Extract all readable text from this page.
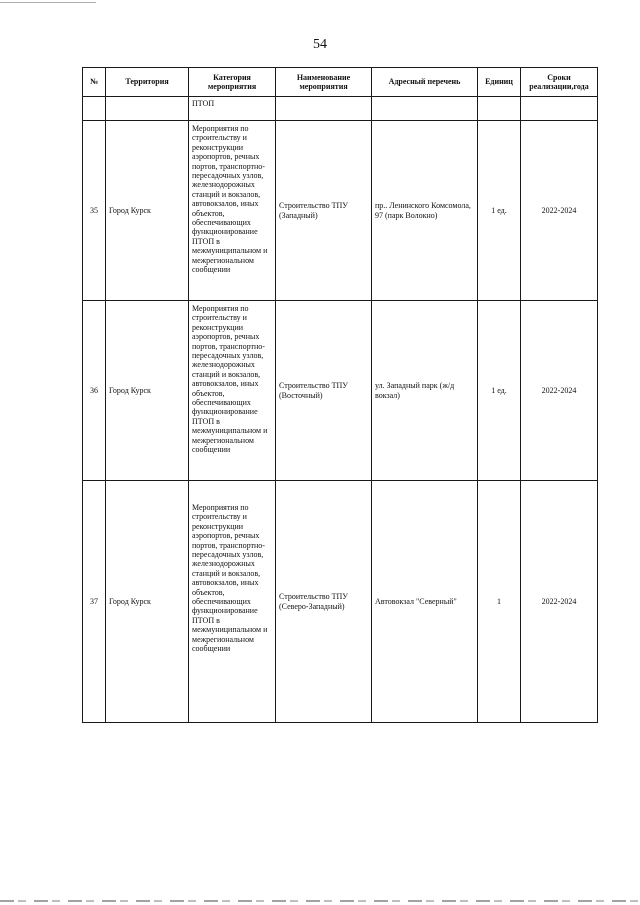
54
№	Территория	Категория мероприятия	Наименование мероприятия	Адресный перечень	Единиц	Сроки реализации,года
		ПТОП				
35	Город Курск	Мероприятия по строительству и реконструкции аэропортов, речных портов, транспортно-пересадочных узлов, железнодорожных станций и вокзалов, автовокзалов, иных объектов, обеспечивающих функционирование ПТОП в межмуниципальном и межрегиональном сообщении	Строительство ТПУ (Западный)	пр.. Ленинского Комсомола, 97 (парк Волокно)	1 ед.	2022-2024
36	Город Курск	Мероприятия по строительству и реконструкции аэропортов, речных портов, транспортно-пересадочных узлов, железнодорожных станций и вокзалов, автовокзалов, иных объектов, обеспечивающих функционирование ПТОП в межмуниципальном и межрегиональном сообщении	Строительство ТПУ (Восточный)	ул. Западный парк (ж/д вокзал)	1 ед.	2022-2024
37	Город Курск	Мероприятия по строительству и реконструкции аэропортов, речных портов, транспортно-пересадочных узлов, железнодорожных станций и вокзалов, автовокзалов, иных объектов, обеспечивающих функционирование ПТОП в межмуниципальном и межрегиональном сообщении	Строительство ТПУ (Северо-Западный)	Автовокзал "Северный"	1	2022-2024
